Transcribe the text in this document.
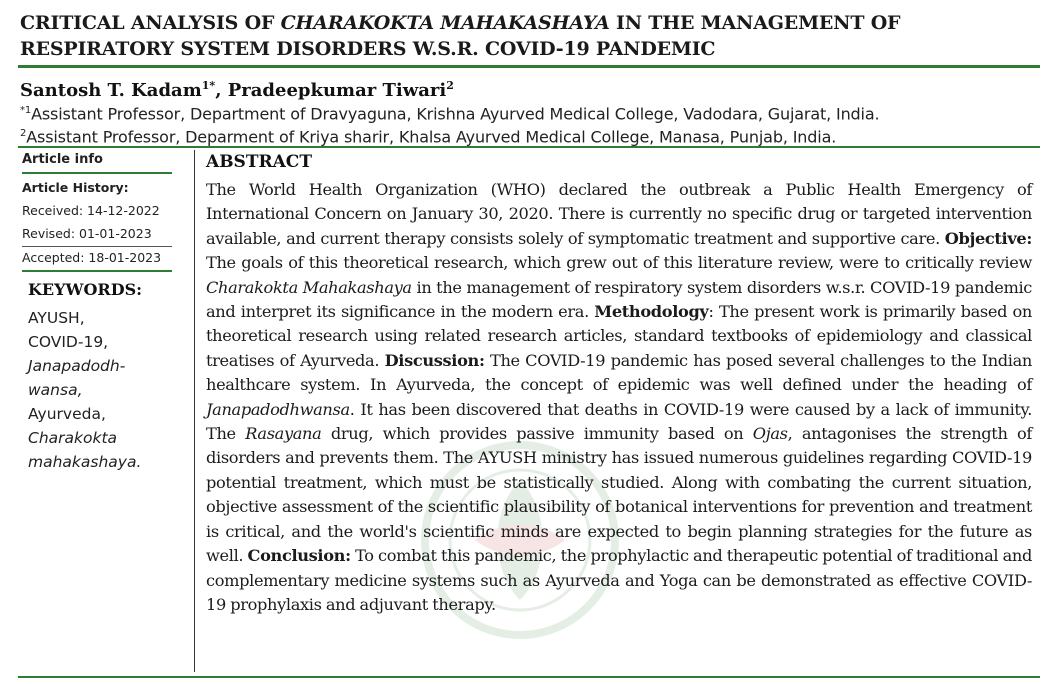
CRITICAL ANALYSIS OF CHARAKOKTA MAHAKASHAYA IN THE MANAGEMENT OF RESPIRATORY SYSTEM DISORDERS W.S.R. COVID-19 PANDEMIC
Santosh T. Kadam$^{1*}$, Pradeepkumar Tiwari$^2$
$^{*1}$Assistant Professor, Department of Dravyaguna, Krishna Ayurved Medical College, Vadodara, Gujarat, India.
$^2$Assistant Professor, Deparment of Kriya sharir, Khalsa Ayurved Medical College, Manasa, Punjab, India.
Article info
Article History:
Received: 14-12-2022
Revised: 01-01-2023
Accepted: 18-01-2023
KEYWORDS:
AYUSH,
COVID-19,
Janapadodh-
wansa,
Ayurveda,
Charakokta
mahakashaya.
ABSTRACT
The World Health Organization (WHO) declared the outbreak a Public Health Emergency of International Concern on January 30, 2020. There is currently no specific drug or targeted intervention available, and current therapy consists solely of symptomatic treatment and supportive care. Objective: The goals of this theoretical research, which grew out of this literature review, were to critically review Charakokta Mahakashaya in the management of respiratory system disorders w.s.r. COVID-19 pandemic and interpret its significance in the modern era. Methodology: The present work is primarily based on theoretical research using related research articles, standard textbooks of epidemiology and classical treatises of Ayurveda. Discussion: The COVID-19 pandemic has posed several challenges to the Indian healthcare system. In Ayurveda, the concept of epidemic was well defined under the heading of Janapadodhwansa. It has been discovered that deaths in COVID-19 were caused by a lack of immunity. The Rasayana drug, which provides passive immunity based on Ojas, antagonises the strength of disorders and prevents them. The AYUSH ministry has issued numerous guidelines regarding COVID-19 potential treatment, which must be statistically studied. Along with combating the current situation, objective assessment of the scientific plausibility of botanical interventions for prevention and treatment is critical, and the world's scientific minds are expected to begin planning strategies for the future as well. Conclusion: To combat this pandemic, the prophylactic and therapeutic potential of traditional and complementary medicine systems such as Ayurveda and Yoga can be demonstrated as effective COVID-19 prophylaxis and adjuvant therapy.
